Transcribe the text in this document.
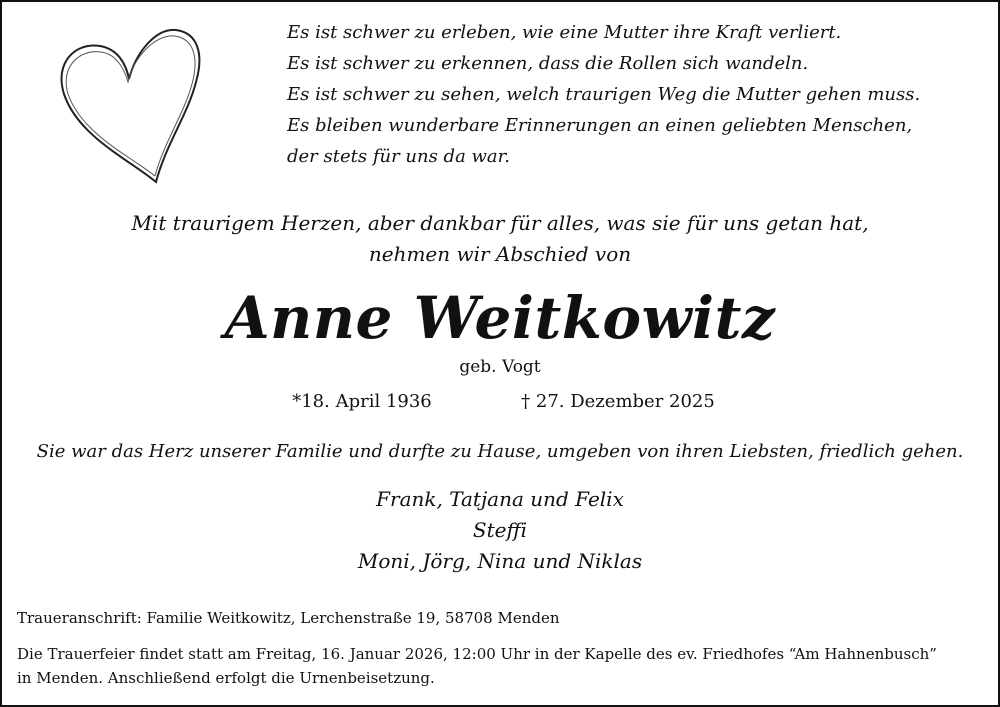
Es ist schwer zu erleben, wie eine Mutter ihre Kraft verliert.
Es ist schwer zu erkennen, dass die Rollen sich wandeln.
Es ist schwer zu sehen, welch traurigen Weg die Mutter gehen muss.
Es bleiben wunderbare Erinnerungen an einen geliebten Menschen,
der stets für uns da war.
Mit traurigem Herzen, aber dankbar für alles, was sie für uns getan hat,
nehmen wir Abschied von
Anne Weitkowitz
geb. Vogt
*18. April 1936	† 27. Dezember 2025
Sie war das Herz unserer Familie und durfte zu Hause, umgeben von ihren Liebsten, friedlich gehen.
Frank, Tatjana und Felix
Steffi
Moni, Jörg, Nina und Niklas
Traueranschrift: Familie Weitkowitz, Lerchenstraße 19, 58708 Menden
Die Trauerfeier findet statt am Freitag, 16. Januar 2026, 12:00 Uhr in der Kapelle des ev. Friedhofes “Am Hahnenbusch”
in Menden. Anschließend erfolgt die Urnenbeisetzung.
